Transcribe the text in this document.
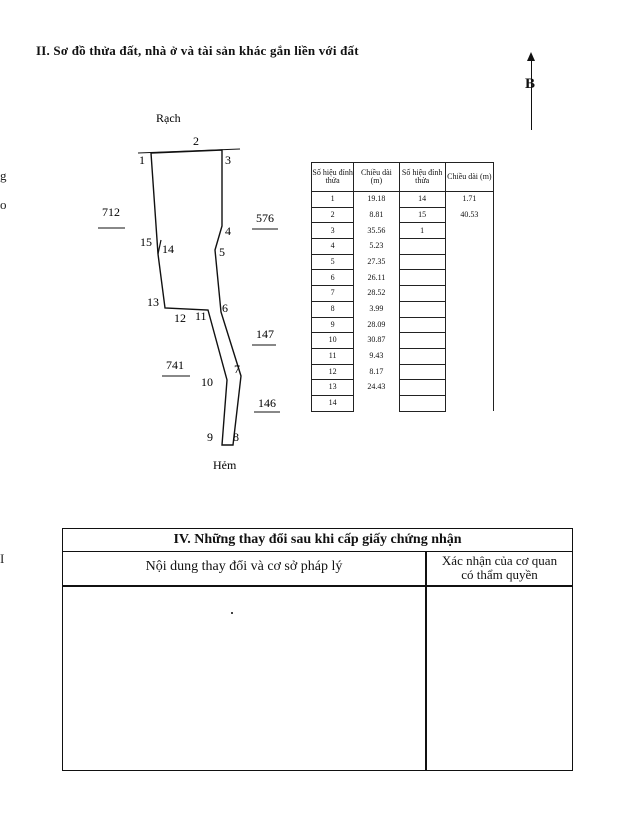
II. Sơ đồ thửa đất, nhà ở và tài sản khác gắn liền với đất
g
o
I
B
Rạch
Hẻm
712	576
147
741
146
1
2
3
4
5
6
7
8
9
10
11
12
13
14
15
Số hiệu đỉnh thửa	Chiều dài (m)	Số hiệu đỉnh thửa	Chiều dài (m)
1	19.18	14	1.71
2	8.81	15	40.53
3	35.56	1	
4	5.23		
5	27.35		
6	26.11		
7	28.52		
8	3.99		
9	28.09		
10	30.87		
11	9.43		
12	8.17		
13	24.43		
14			
IV. Những thay đổi sau khi cấp giấy chứng nhận
Nội dung thay đổi và cơ sở pháp lý	Xác nhận của cơ quan
có thẩm quyền
